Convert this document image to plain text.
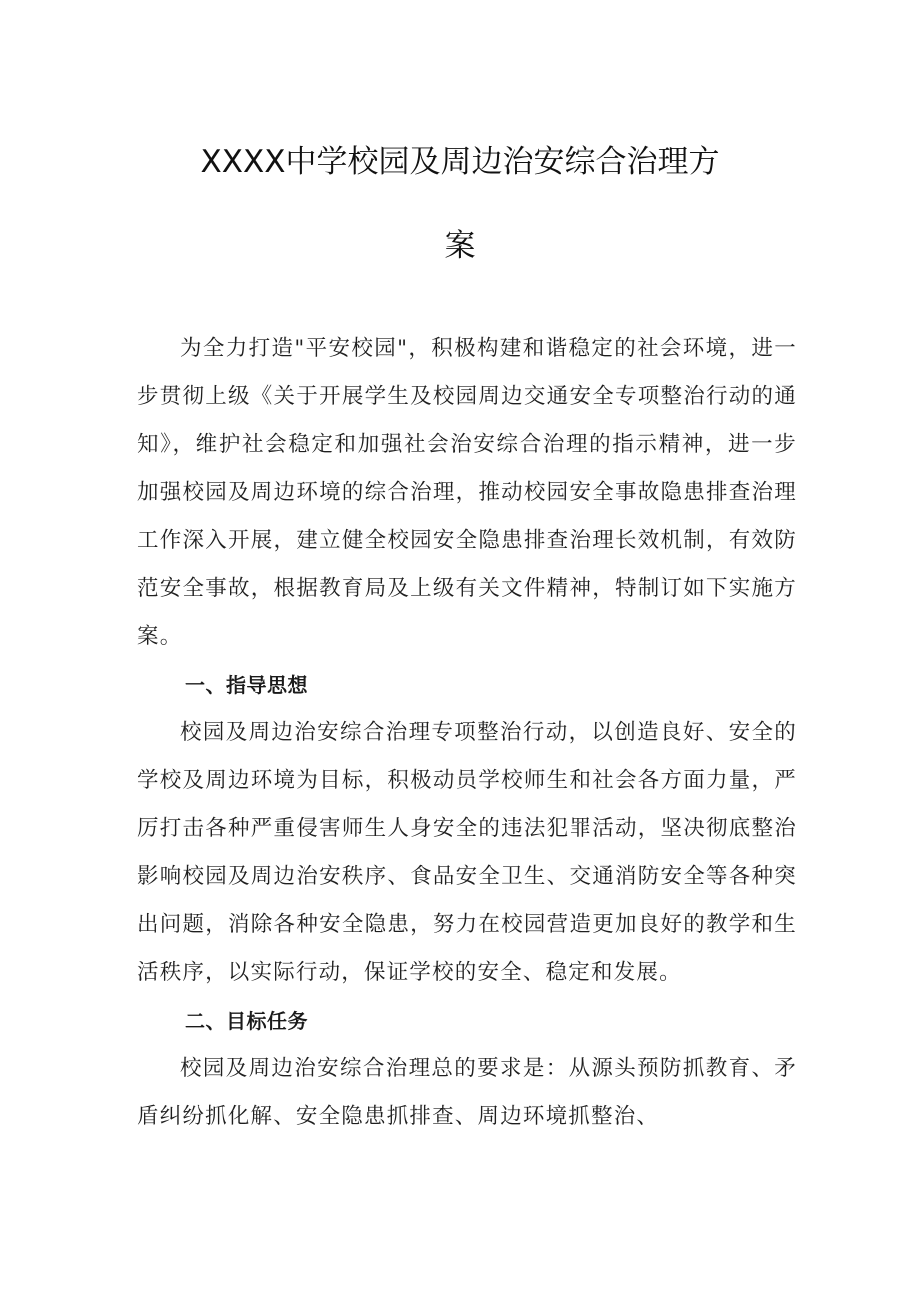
XXXX中学校园及周边治安综合治理方
案

为全力打造"平安校园"，积极构建和谐稳定的社会环境，进一步贯彻上级《关于开展学生及校园周边交通安全专项整治行动的通知》，维护社会稳定和加强社会治安综合治理的指示精神，进一步加强校园及周边环境的综合治理，推动校园安全事故隐患排查治理工作深入开展，建立健全校园安全隐患排查治理长效机制，有效防范安全事故，根据教育局及上级有关文件精神，特制订如下实施方案。

一、指导思想

校园及周边治安综合治理专项整治行动，以创造良好、安全的学校及周边环境为目标，积极动员学校师生和社会各方面力量，严厉打击各种严重侵害师生人身安全的违法犯罪活动，坚决彻底整治影响校园及周边治安秩序、食品安全卫生、交通消防安全等各种突出问题，消除各种安全隐患，努力在校园营造更加良好的教学和生活秩序，以实际行动，保证学校的安全、稳定和发展。

二、目标任务

校园及周边治安综合治理总的要求是：从源头预防抓教育、矛盾纠纷抓化解、安全隐患抓排查、周边环境抓整治、
